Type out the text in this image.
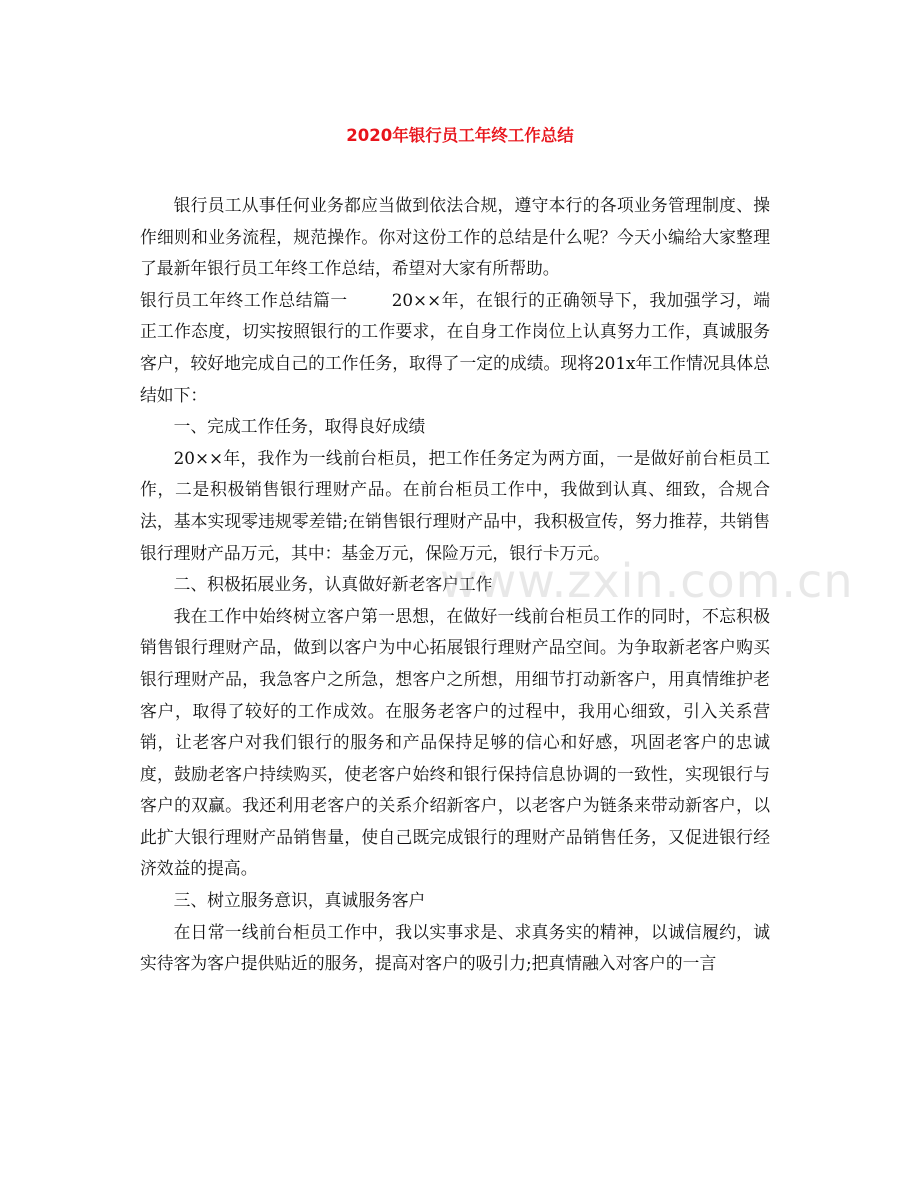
2020年银行员工年终工作总结

银行员工从事任何业务都应当做到依法合规，遵守本行的各项业务管理制度、操作细则和业务流程，规范操作。你对这份工作的总结是什么呢？今天小编给大家整理了最新年银行员工年终工作总结，希望对大家有所帮助。

银行员工年终工作总结篇一	20××年，在银行的正确领导下，我加强学习，端正工作态度，切实按照银行的工作要求，在自身工作岗位上认真努力工作，真诚服务客户，较好地完成自己的工作任务，取得了一定的成绩。现将201x年工作情况具体总结如下：

一、完成工作任务，取得良好成绩

20××年，我作为一线前台柜员，把工作任务定为两方面，一是做好前台柜员工作，二是积极销售银行理财产品。在前台柜员工作中，我做到认真、细致，合规合法，基本实现零违规零差错;在销售银行理财产品中，我积极宣传，努力推荐，共销售银行理财产品万元，其中：基金万元，保险万元，银行卡万元。

二、积极拓展业务，认真做好新老客户工作

我在工作中始终树立客户第一思想，在做好一线前台柜员工作的同时，不忘积极销售银行理财产品，做到以客户为中心拓展银行理财产品空间。为争取新老客户购买银行理财产品，我急客户之所急，想客户之所想，用细节打动新客户，用真情维护老客户，取得了较好的工作成效。在服务老客户的过程中，我用心细致，引入关系营销，让老客户对我们银行的服务和产品保持足够的信心和好感，巩固老客户的忠诚度，鼓励老客户持续购买，使老客户始终和银行保持信息协调的一致性，实现银行与客户的双赢。我还利用老客户的关系介绍新客户，以老客户为链条来带动新客户，以此扩大银行理财产品销售量，使自己既完成银行的理财产品销售任务，又促进银行经济效益的提高。

三、树立服务意识，真诚服务客户

在日常一线前台柜员工作中，我以实事求是、求真务实的精神，以诚信履约，诚实待客为客户提供贴近的服务，提高对客户的吸引力;把真情融入对客户的一言

www.zxin.com.cn
